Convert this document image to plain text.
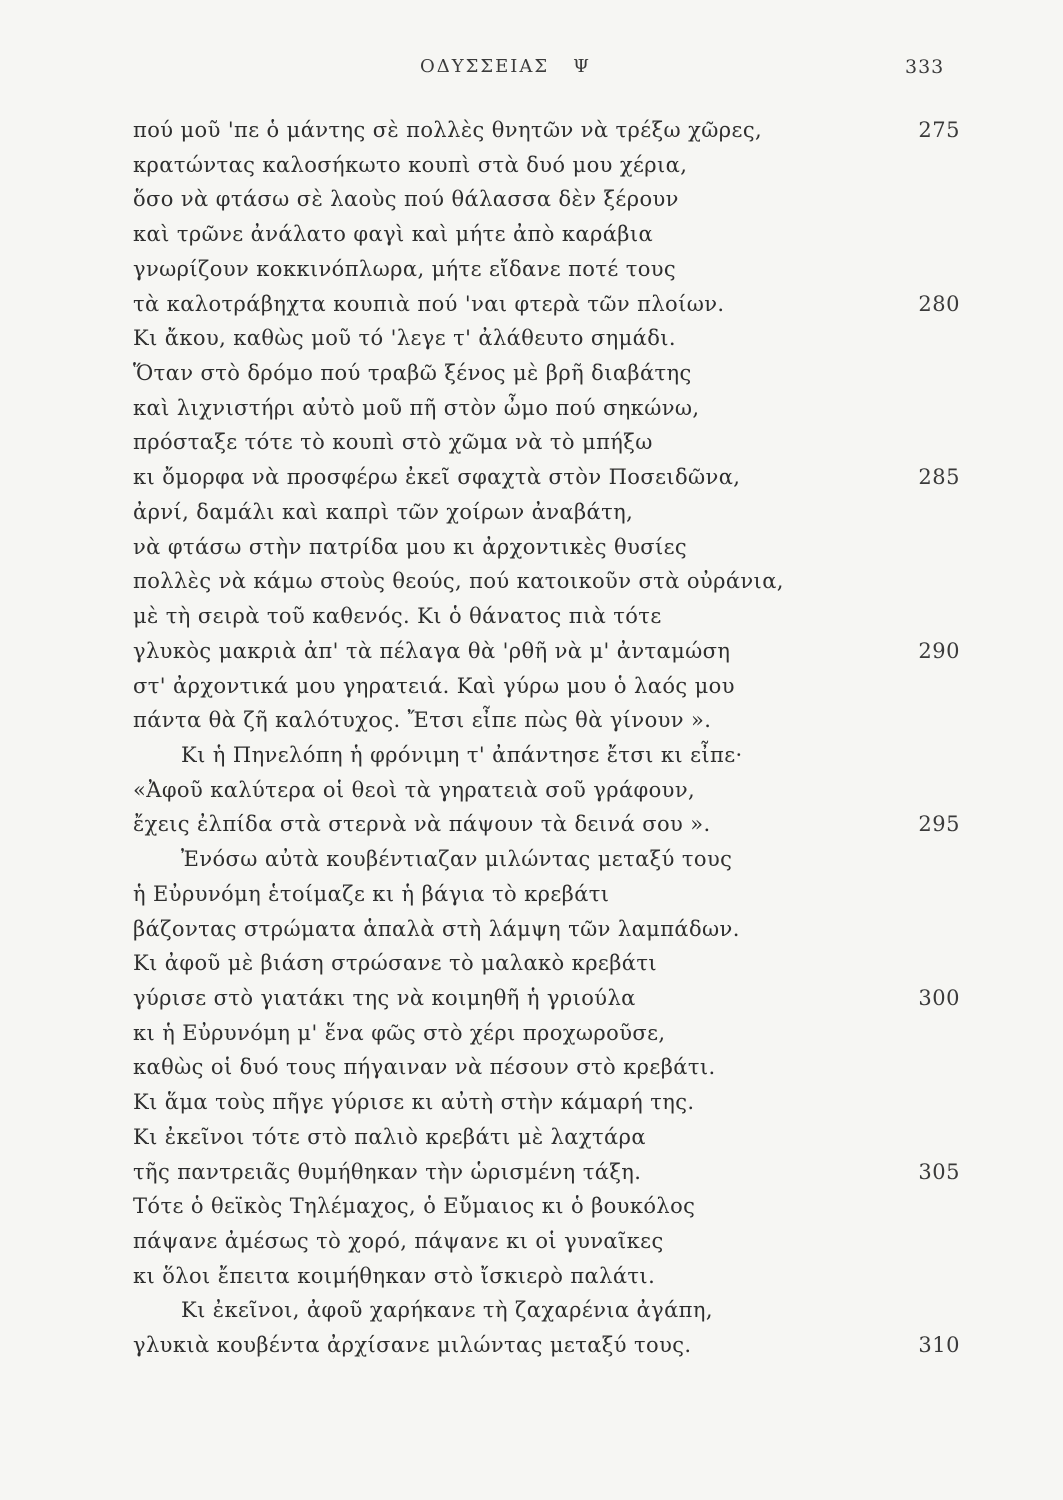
ΟΔΥΣΣΕΙΑΣ Ψ	333
πού μοῦ 'πε ὁ μάντης σὲ πολλὲς θνητῶν νὰ τρέξω χῶρες,	275
κρατώντας καλοσήκωτο κουπὶ στὰ δυό μου χέρια,
ὅσο νὰ φτάσω σὲ λαοὺς πού θάλασσα δὲν ξέρουν
καὶ τρῶνε ἀνάλατο φαγὶ καὶ μήτε ἀπὸ καράβια
γνωρίζουν κοκκινόπλωρα, μήτε εἴδανε ποτέ τους
τὰ καλοτράβηχτα κουπιὰ πού 'ναι φτερὰ τῶν πλοίων.	280
Κι ἄκου, καθὼς μοῦ τό 'λεγε τ' ἀλάθευτο σημάδι.
Ὅταν στὸ δρόμο πού τραβῶ ξένος μὲ βρῆ διαβάτης
καὶ λιχνιστήρι αὐτὸ μοῦ πῆ στὸν ὦμο πού σηκώνω,
πρόσταξε τότε τὸ κουπὶ στὸ χῶμα νὰ τὸ μπήξω
κι ὄμορφα νὰ προσφέρω ἐκεῖ σφαχτὰ στὸν Ποσειδῶνα,	285
ἀρνί, δαμάλι καὶ καπρὶ τῶν χοίρων ἀναβάτη,
νὰ φτάσω στὴν πατρίδα μου κι ἀρχοντικὲς θυσίες
πολλὲς νὰ κάμω στοὺς θεούς, πού κατοικοῦν στὰ οὐράνια,
μὲ τὴ σειρὰ τοῦ καθενός. Κι ὁ θάνατος πιὰ τότε
γλυκὸς μακριὰ ἀπ' τὰ πέλαγα θὰ 'ρθῆ νὰ μ' ἀνταμώση	290
στ' ἀρχοντικά μου γηρατειά. Καὶ γύρω μου ὁ λαός μου
πάντα θὰ ζῆ καλότυχος. Ἔτσι εἶπε πὼς θὰ γίνουν ».
Κι ἡ Πηνελόπη ἡ φρόνιμη τ' ἀπάντησε ἔτσι κι εἶπε·
«Ἀφοῦ καλύτερα οἱ θεοὶ τὰ γηρατειὰ σοῦ γράφουν,
ἔχεις ἐλπίδα στὰ στερνὰ νὰ πάψουν τὰ δεινά σου ».	295
Ἐνόσω αὐτὰ κουβέντιαζαν μιλώντας μεταξύ τους
ἡ Εὐρυνόμη ἑτοίμαζε κι ἡ βάγια τὸ κρεβάτι
βάζοντας στρώματα ἁπαλὰ στὴ λάμψη τῶν λαμπάδων.
Κι ἀφοῦ μὲ βιάση στρώσανε τὸ μαλακὸ κρεβάτι
γύρισε στὸ γιατάκι της νὰ κοιμηθῆ ἡ γριούλα	300
κι ἡ Εὐρυνόμη μ' ἕνα φῶς στὸ χέρι προχωροῦσε,
καθὼς οἱ δυό τους πήγαιναν νὰ πέσουν στὸ κρεβάτι.
Κι ἅμα τοὺς πῆγε γύρισε κι αὐτὴ στὴν κάμαρή της.
Κι ἐκεῖνοι τότε στὸ παλιὸ κρεβάτι μὲ λαχτάρα
τῆς παντρειᾶς θυμήθηκαν τὴν ὡρισμένη τάξη.	305
Τότε ὁ θεϊκὸς Τηλέμαχος, ὁ Εὔμαιος κι ὁ βουκόλος
πάψανε ἀμέσως τὸ χορό, πάψανε κι οἱ γυναῖκες
κι ὅλοι ἔπειτα κοιμήθηκαν στὸ ἴσκιερὸ παλάτι.
Κι ἐκεῖνοι, ἀφοῦ χαρήκανε τὴ ζαχαρένια ἀγάπη,
γλυκιὰ κουβέντα ἀρχίσανε μιλώντας μεταξύ τους.	310
